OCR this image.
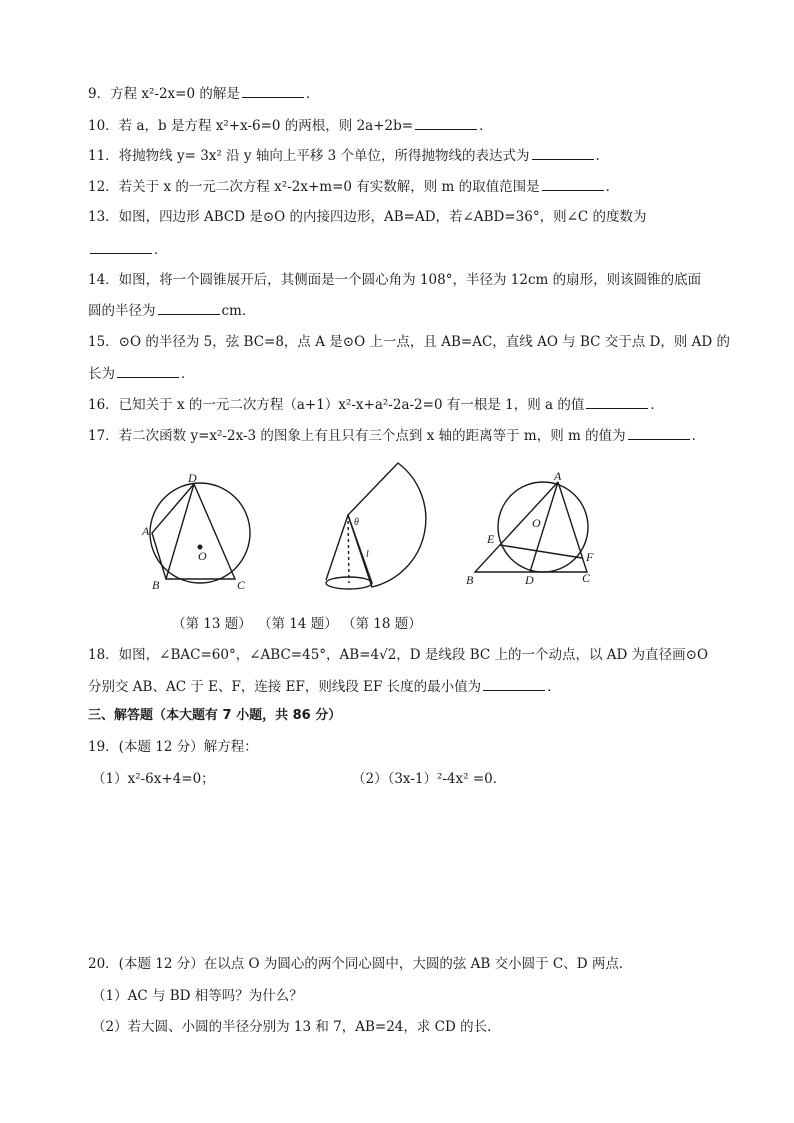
9．方程 x²-2x=0 的解是	．
10．若 a，b 是方程 x²+x-6=0 的两根，则 2a+2b=	．
11．将抛物线 y= 3x² 沿 y 轴向上平移 3 个单位，所得抛物线的表达式为	．
12．若关于 x 的一元二次方程 x²-2x+m=0 有实数解，则 m 的取值范围是	．
13．如图，四边形 ABCD 是⊙O 的内接四边形，AB=AD，若∠ABD=36°，则∠C 的度数为
．
14．如图，将一个圆锥展开后，其侧面是一个圆心角为 108°，半径为 12cm 的扇形，则该圆锥的底面
圆的半径为	cm．
15．⊙O 的半径为 5，弦 BC=8，点 A 是⊙O 上一点，且 AB=AC，直线 AO 与 BC 交于点 D，则 AD 的
长为	．
16．已知关于 x 的一元二次方程（a+1）x²-x+a²-2a-2=0 有一根是 1，则 a 的值	．
17．若二次函数 y=x²-2x-3 的图象上有且只有三个点到 x 轴的距离等于 m，则 m 的值为	．
D
A
B	C
O
θ
l
A
O
E
F
B	D	C
（第 13 题） （第 14 题） （第 18 题）
18．如图，∠BAC=60°，∠ABC=45°，AB=4√2，D 是线段 BC 上的一个动点，以 AD 为直径画⊙O
分别交 AB、AC 于 E、F，连接 EF，则线段 EF 长度的最小值为	．
三、解答题（本大题有 7 小题，共 86 分）
19．(本题 12 分）解方程：
（1）x²-6x+4=0；	（2）（3x-1）²-4x² =0．
20．(本题 12 分）在以点 O 为圆心的两个同心圆中，大圆的弦 AB 交小圆于 C、D 两点．
（1）AC 与 BD 相等吗？为什么？
（2）若大圆、小圆的半径分别为 13 和 7，AB=24，求 CD 的长．
